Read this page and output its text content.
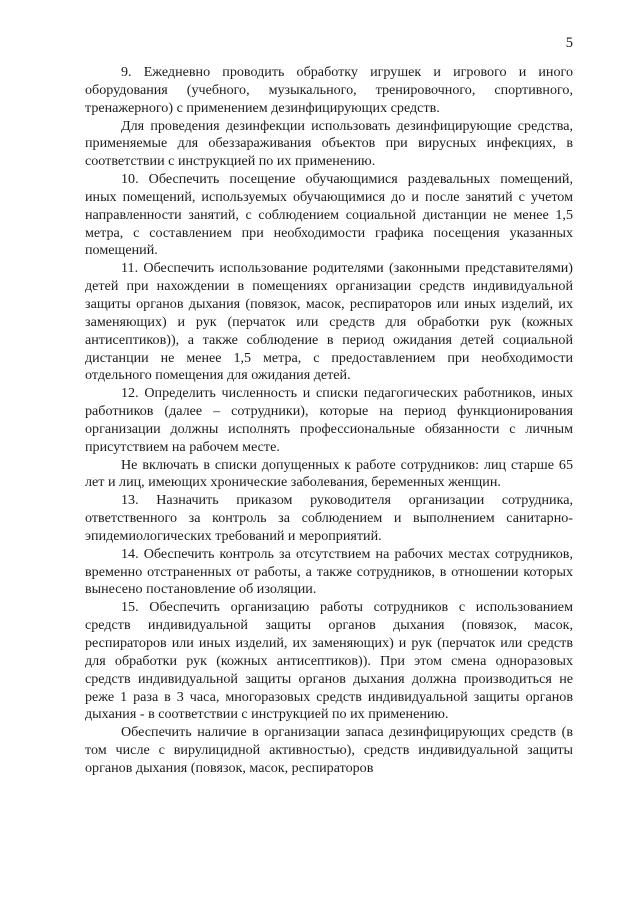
5

9. Ежедневно проводить обработку игрушек и игрового и иного оборудования (учебного, музыкального, тренировочного, спортивного, тренажерного) с применением дезинфицирующих средств.

Для проведения дезинфекции использовать дезинфицирующие средства, применяемые для обеззараживания объектов при вирусных инфекциях, в соответствии с инструкцией по их применению.

10. Обеспечить посещение обучающимися раздевальных помещений, иных помещений, используемых обучающимися до и после занятий с учетом направленности занятий, с соблюдением социальной дистанции не менее 1,5 метра, с составлением при необходимости графика посещения указанных помещений.

11. Обеспечить использование родителями (законными представителями) детей при нахождении в помещениях организации средств индивидуальной защиты органов дыхания (повязок, масок, респираторов или иных изделий, их заменяющих) и рук (перчаток или средств для обработки рук (кожных антисептиков)), а также соблюдение в период ожидания детей социальной дистанции не менее 1,5 метра, с предоставлением при необходимости отдельного помещения для ожидания детей.

12. Определить численность и списки педагогических работников, иных работников (далее – сотрудники), которые на период функционирования организации должны исполнять профессиональные обязанности с личным присутствием на рабочем месте.

Не включать в списки допущенных к работе сотрудников: лиц старше 65 лет и лиц, имеющих хронические заболевания, беременных женщин.

13. Назначить приказом руководителя организации сотрудника, ответственного за контроль за соблюдением и выполнением санитарно-эпидемиологических требований и мероприятий.

14. Обеспечить контроль за отсутствием на рабочих местах сотрудников, временно отстраненных от работы, а также сотрудников, в отношении которых вынесено постановление об изоляции.

15. Обеспечить организацию работы сотрудников с использованием средств индивидуальной защиты органов дыхания (повязок, масок, респираторов или иных изделий, их заменяющих) и рук (перчаток или средств для обработки рук (кожных антисептиков)). При этом смена одноразовых средств индивидуальной защиты органов дыхания должна производиться не реже 1 раза в 3 часа, многоразовых средств индивидуальной защиты органов дыхания - в соответствии с инструкцией по их применению.

Обеспечить наличие в организации запаса дезинфицирующих средств (в том числе с вирулицидной активностью), средств индивидуальной защиты органов дыхания (повязок, масок, респираторов
